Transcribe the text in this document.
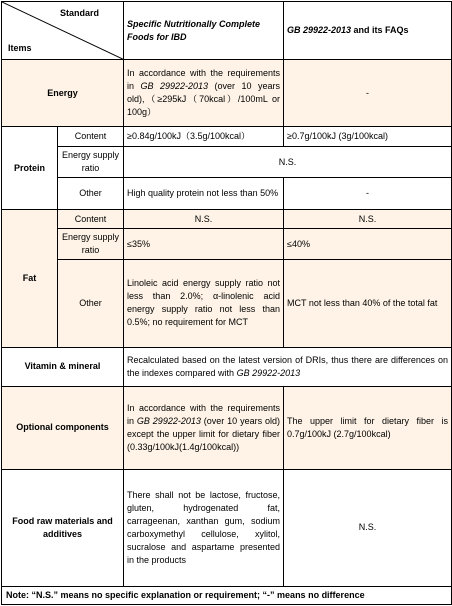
Standard
Items		Specific Nutritionally Complete Foods for IBD	GB 29922-2013 and its FAQs
Energy		In accordance with the requirements in GB 29922-2013 (over 10 years old),（≥295kJ（70kcal）/100mL or 100g）	-
Protein	Content	≥0.84g/100kJ（3.5g/100kcal）	≥0.7g/100kJ (3g/100kcal)
	Energy supply ratio	N.S.	
	Other	High quality protein not less than 50%	-
Fat	Content	N.S.	N.S.
	Energy supply ratio	≤35%	≤40%
	Other	Linoleic acid energy supply ratio not less than 2.0%; α-linolenic acid energy supply ratio not less than 0.5%; no requirement for MCT	MCT not less than 40% of the total fat
Vitamin & mineral		Recalculated based on the latest version of DRIs, thus there are differences on the indexes compared with GB 29922-2013	
Optional components		In accordance with the requirements in GB 29922-2013 (over 10 years old) except the upper limit for dietary fiber (0.33g/100kJ(1.4g/100kcal))	The upper limit for dietary fiber is 0.7g/100kJ (2.7g/100kcal)
Food raw materials and additives		There shall not be lactose, fructose, gluten, hydrogenated fat, carrageenan, xanthan gum, sodium carboxymethyl cellulose, xylitol, sucralose and aspartame presented in the products	N.S.
Note: “N.S.” means no specific explanation or requirement; “-” means no difference			
